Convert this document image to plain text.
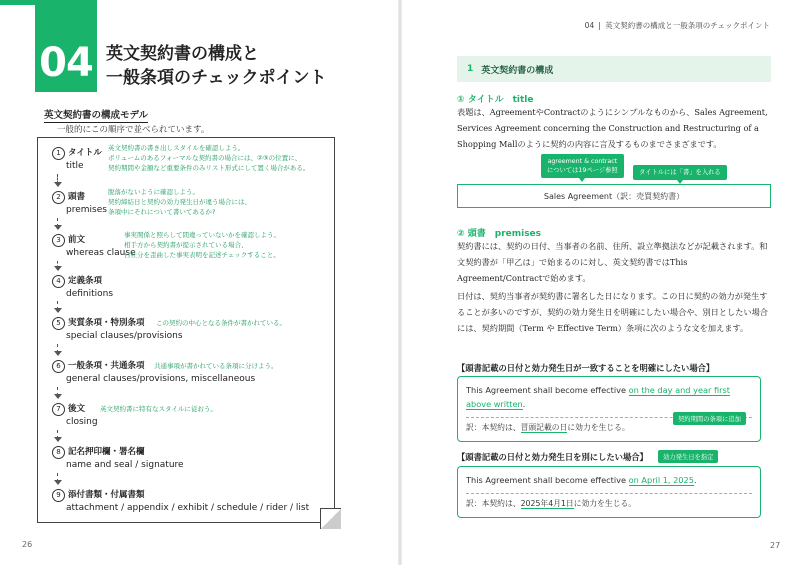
04 英文契約書の構成と
一般条項のチェックポイント
英文契約書の構成モデル
一般的にこの順序で並べられています。
1 タイトル
title
英文契約書の書き出しスタイルを確認しよう。
ボリュームのあるフォーマルな契約書の場合には、②③の位置に、
契約期間や金額など重要条件のみリスト形式にして置く場合がある。
2 頭書
premises
脱落がないように確認しよう。
契約締結日と契約の効力発生日が違う場合には、
条項中にそれについて書いてあるか?
3 前文
whereas clause
事実関係と照らして間違っていないかを確認しよう。
相手方から契約書が提示されている場合、
自社分を歪曲した事実表明を記述チェックすること。
4 定義条項
definitions
5 実質条項・特別条項
special clauses/provisions
この契約の中心となる条件が書かれている。
6 一般条項・共通条項
general clauses/provisions, miscellaneous
共通事項が書かれている条項に分けよう。
7 後文
closing
英文契約書に特有なスタイルに従おう。
8 記名押印欄・署名欄
name and seal / signature
9 添付書類・付属書類
attachment / appendix / exhibit / schedule / rider / list
26
04 英文契約書の構成と一般条項のチェックポイント
1 英文契約書の構成
① タイトル　title
表題は、AgreementやContractのようにシンプルなものから、Sales Agreement, Services Agreement concerning the Construction and Restructuring of a Shopping Mallのように契約の内容に言及するものまでさまざまです。
agreement & contract
については19ページ参照	タイトルには「書」を入れる
Sales Agreement（訳：売買契約書）
② 頭書　premises
契約書には、契約の日付、当事者の名前、住所、設立準拠法などが記載されます。和文契約書が「甲乙は」で始まるのに対し、英文契約書ではThis Agreement/Contractで始めます。
日付は、契約当事者が契約書に署名した日になります。この日に契約の効力が発生することが多いのですが、契約の効力発生日を明確にしたい場合や、別日としたい場合には、契約期間（Term や Effective Term）条項に次のような文を加えます。
【頭書記載の日付と効力発生日が一致することを明確にしたい場合】
This Agreement shall become effective on the day and year first above written.
訳：本契約は、冒頭記載の日に効力を生じる。
契約期間の条項に追加
【頭書記載の日付と効力発生日を別にしたい場合】	効力発生日を指定
This Agreement shall become effective on April 1, 2025.
訳：本契約は、2025年4月1日に効力を生じる。
27
